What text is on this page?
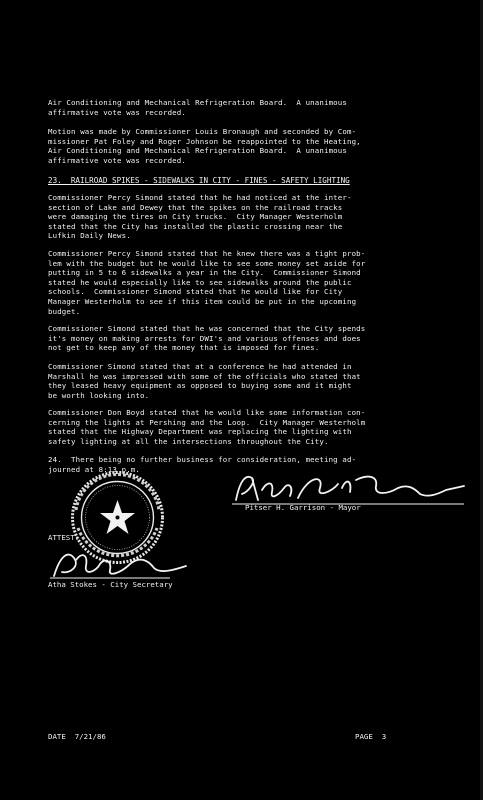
Air Conditioning and Mechanical Refrigeration Board.  A unanimous
affirmative vote was recorded.
Motion was made by Commissioner Louis Bronaugh and seconded by Com-
missioner Pat Foley and Roger Johnson be reappointed to the Heating,
Air Conditioning and Mechanical Refrigeration Board.  A unanimous
affirmative vote was recorded.
23.  RAILROAD SPIKES - SIDEWALKS IN CITY - FINES - SAFETY LIGHTING
Commissioner Percy Simond stated that he had noticed at the inter-
section of Lake and Dewey that the spikes on the railroad tracks
were damaging the tires on City trucks.  City Manager Westerholm
stated that the City has installed the plastic crossing near the
Lufkin Daily News.
Commissioner Percy Simond stated that he knew there was a tight prob-
lem with the budget but he would like to see some money set aside for
putting in 5 to 6 sidewalks a year in the City.  Commissioner Simond
stated he would especially like to see sidewalks around the public
schools.  Commissioner Simond stated that he would like for City
Manager Westerholm to see if this item could be put in the upcoming
budget.
Commissioner Simond stated that he was concerned that the City spends
it's money on making arrests for DWI's and various offenses and does
not get to keep any of the money that is imposed for fines.
Commissioner Simond stated that at a conference he had attended in
Marshall he was impressed with some of the officials who stated that
they leased heavy equipment as opposed to buying some and it might
be worth looking into.
Commissioner Don Boyd stated that he would like some information con-
cerning the lights at Pershing and the Loop.  City Manager Westerholm
stated that the Highway Department was replacing the lighting with
safety lighting at all the intersections throughout the City.
24.  There being no further business for consideration, meeting ad-
journed at 8:13 p.m.
Pitser H. Garrison - Mayor
ATTEST:
Atha Stokes - City Secretary
DATE  7/21/86	PAGE  3
